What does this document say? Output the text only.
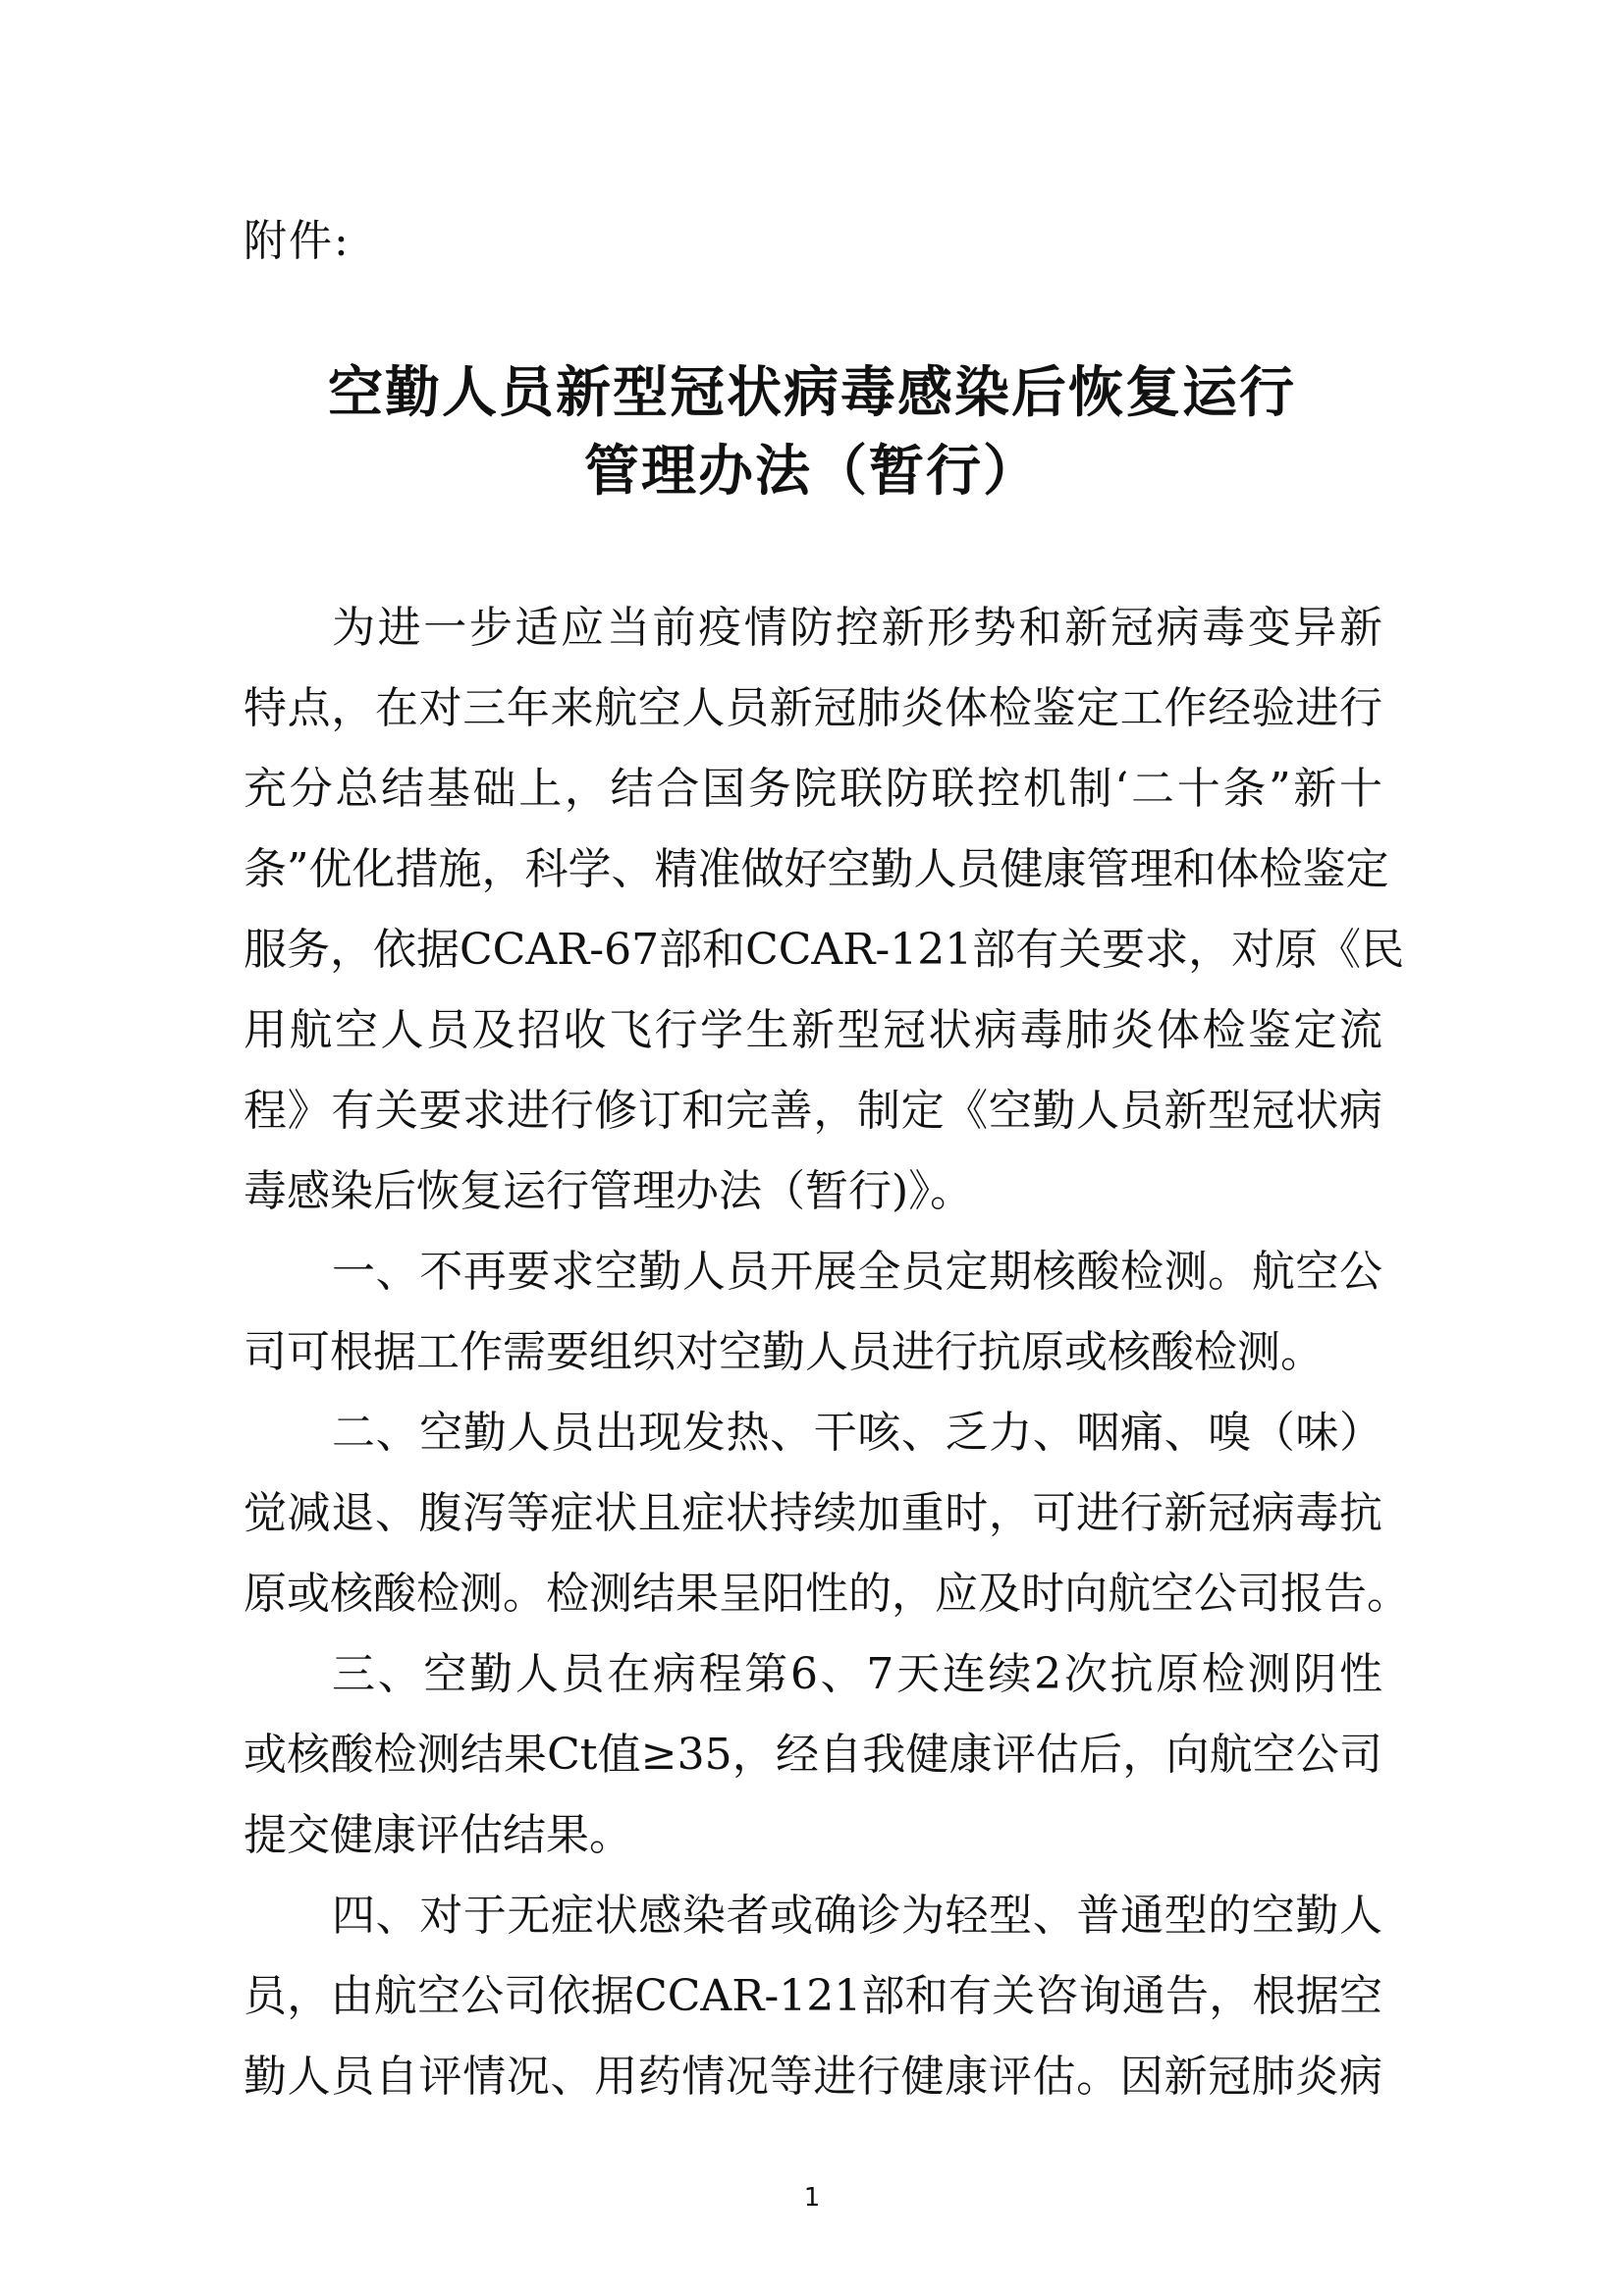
附件:
空勤人员新型冠状病毒感染后恢复运行
管理办法（暂行）
为进一步适应当前疫情防控新形势和新冠病毒变异新
特点，在对三年来航空人员新冠肺炎体检鉴定工作经验进行
充分总结基础上，结合国务院联防联控机制‘二十条”新十
条”优化措施，科学、精准做好空勤人员健康管理和体检鉴定
服务，依据CCAR-67部和CCAR-121部有关要求，对原《民
用航空人员及招收飞行学生新型冠状病毒肺炎体检鉴定流
程》有关要求进行修订和完善，制定《空勤人员新型冠状病
毒感染后恢复运行管理办法（暂行)》。
一、不再要求空勤人员开展全员定期核酸检测。航空公
司可根据工作需要组织对空勤人员进行抗原或核酸检测。
二、空勤人员出现发热、干咳、乏力、咽痛、嗅（味）
觉减退、腹泻等症状且症状持续加重时，可进行新冠病毒抗
原或核酸检测。检测结果呈阳性的，应及时向航空公司报告。
三、空勤人员在病程第6、7天连续2次抗原检测阴性
或核酸检测结果Ct值≥35，经自我健康评估后，向航空公司
提交健康评估结果。
四、对于无症状感染者或确诊为轻型、普通型的空勤人
员，由航空公司依据CCAR-121部和有关咨询通告，根据空
勤人员自评情况、用药情况等进行健康评估。因新冠肺炎病
1
